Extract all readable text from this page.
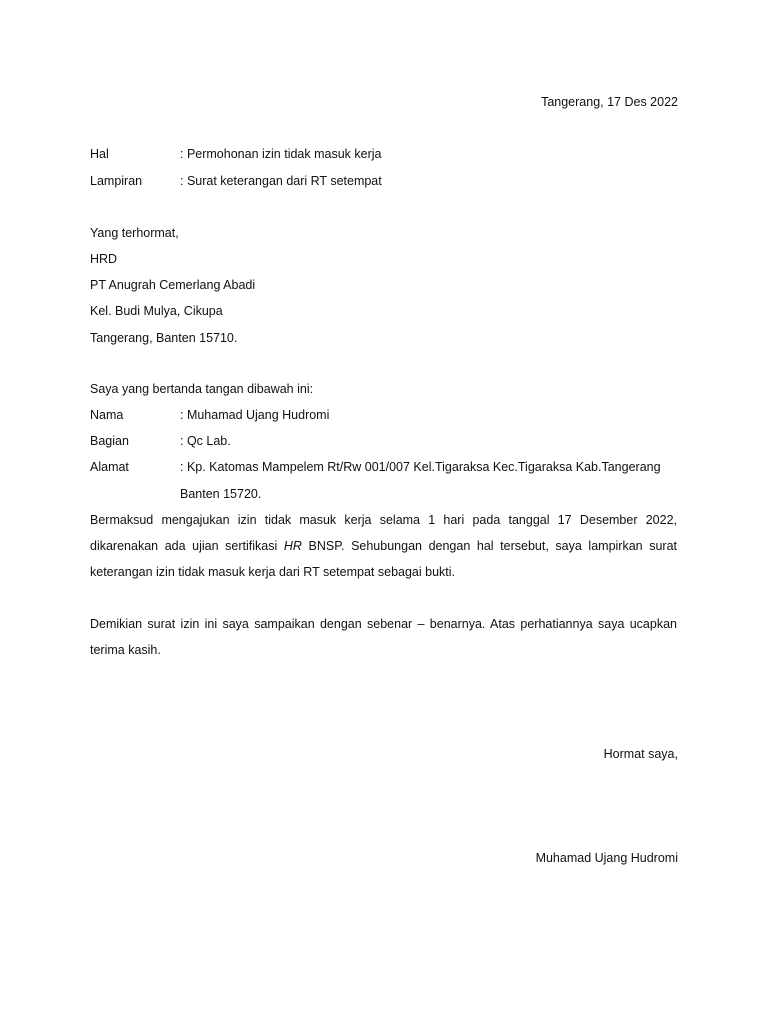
Tangerang, 17 Des 2022
Hal	: Permohonan izin tidak masuk kerja
Lampiran	: Surat keterangan dari RT setempat
Yang terhormat,
HRD
PT Anugrah Cemerlang Abadi
Kel. Budi Mulya, Cikupa
Tangerang, Banten 15710.
Saya yang bertanda tangan dibawah ini:
Nama	: Muhamad Ujang Hudromi
Bagian	: Qc Lab.
Alamat	: Kp. Katomas Mampelem Rt/Rw 001/007 Kel.Tigaraksa Kec.Tigaraksa Kab.Tangerang
Banten 15720.
Bermaksud mengajukan izin tidak masuk kerja selama 1 hari pada tanggal 17 Desember 2022,
dikarenakan ada ujian sertifikasi HR BNSP. Sehubungan dengan hal tersebut, saya lampirkan surat
keterangan izin tidak masuk kerja dari RT setempat sebagai bukti.
Demikian surat izin ini saya sampaikan dengan sebenar – benarnya. Atas perhatiannya saya ucapkan
terima kasih.
Hormat saya,
Muhamad Ujang Hudromi
